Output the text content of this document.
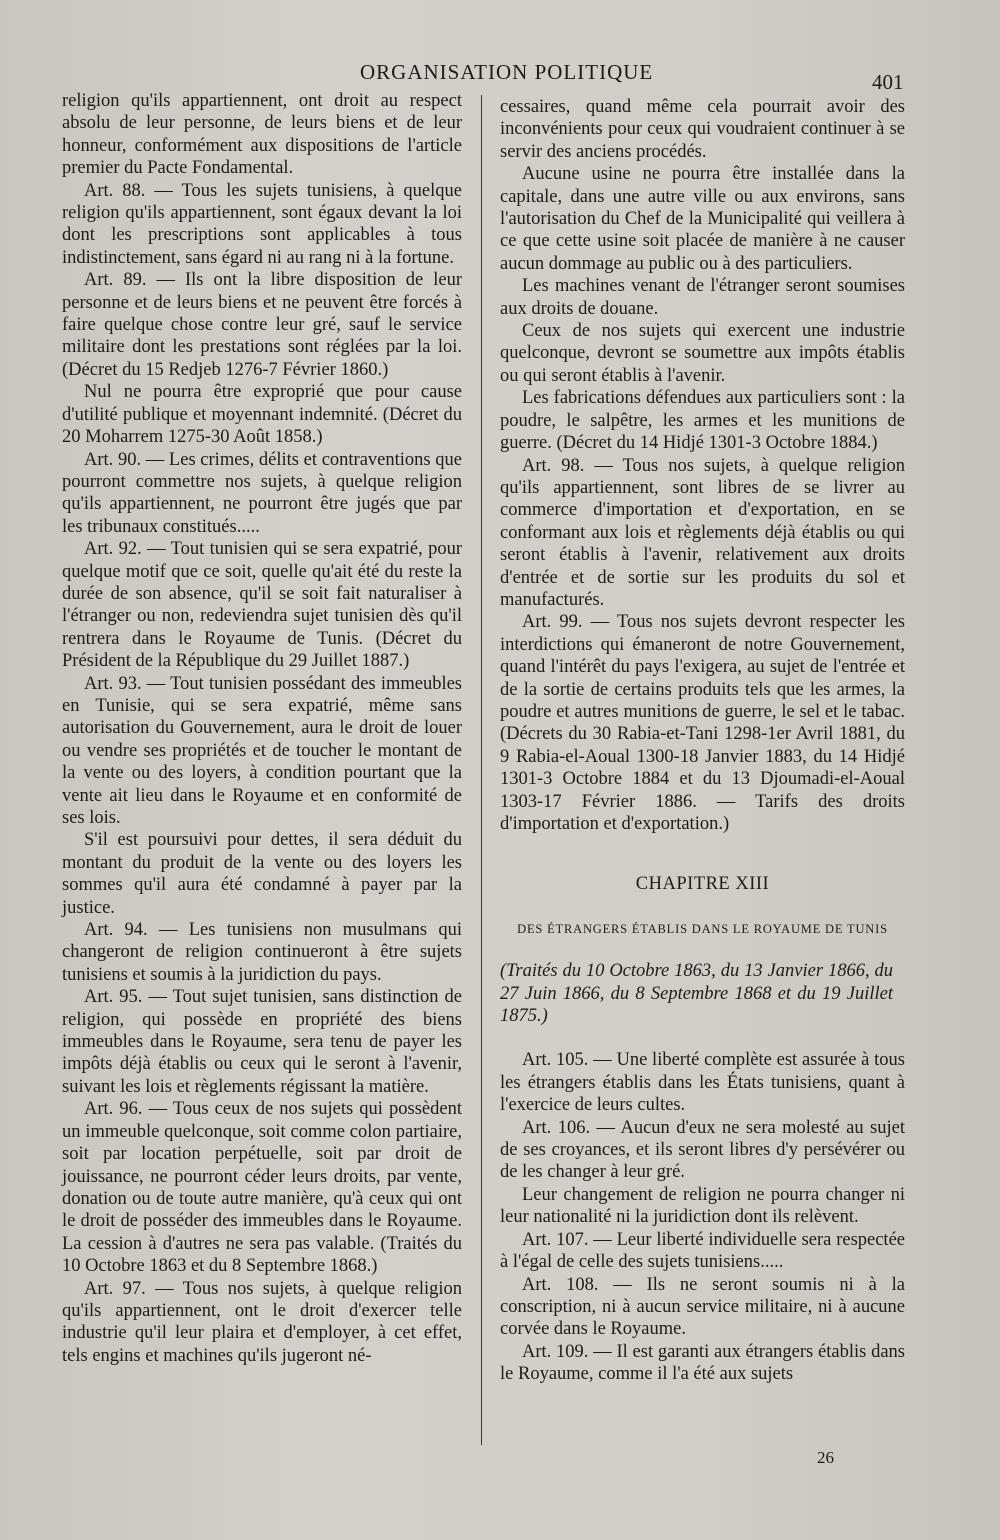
ORGANISATION POLITIQUE	401

religion qu'ils appartiennent, ont droit au respect absolu de leur personne, de leurs biens et de leur honneur, conformément aux dispositions de l'article premier du Pacte Fondamental.

Art. 88. — Tous les sujets tunisiens, à quelque religion qu'ils appartiennent, sont égaux devant la loi dont les prescriptions sont applicables à tous indistinctement, sans égard ni au rang ni à la fortune.

Art. 89. — Ils ont la libre disposition de leur personne et de leurs biens et ne peuvent être forcés à faire quelque chose contre leur gré, sauf le service militaire dont les prestations sont réglées par la loi. (Décret du 15 Redjeb 1276-7 Février 1860.)

Nul ne pourra être exproprié que pour cause d'utilité publique et moyennant indemnité. (Décret du 20 Moharrem 1275-30 Août 1858.)

Art. 90. — Les crimes, délits et contraventions que pourront commettre nos sujets, à quelque religion qu'ils appartiennent, ne pourront être jugés que par les tribunaux constitués.....

Art. 92. — Tout tunisien qui se sera expatrié, pour quelque motif que ce soit, quelle qu'ait été du reste la durée de son absence, qu'il se soit fait naturaliser à l'étranger ou non, redeviendra sujet tunisien dès qu'il rentrera dans le Royaume de Tunis. (Décret du Président de la République du 29 Juillet 1887.)

Art. 93. — Tout tunisien possédant des immeubles en Tunisie, qui se sera expatrié, même sans autorisation du Gouvernement, aura le droit de louer ou vendre ses propriétés et de toucher le montant de la vente ou des loyers, à condition pourtant que la vente ait lieu dans le Royaume et en conformité de ses lois.

S'il est poursuivi pour dettes, il sera déduit du montant du produit de la vente ou des loyers les sommes qu'il aura été condamné à payer par la justice.

Art. 94. — Les tunisiens non musulmans qui changeront de religion continueront à être sujets tunisiens et soumis à la juridiction du pays.

Art. 95. — Tout sujet tunisien, sans distinction de religion, qui possède en propriété des biens immeubles dans le Royaume, sera tenu de payer les impôts déjà établis ou ceux qui le seront à l'avenir, suivant les lois et règlements régissant la matière.

Art. 96. — Tous ceux de nos sujets qui possèdent un immeuble quelconque, soit comme colon partiaire, soit par location perpétuelle, soit par droit de jouissance, ne pourront céder leurs droits, par vente, donation ou de toute autre manière, qu'à ceux qui ont le droit de posséder des immeubles dans le Royaume. La cession à d'autres ne sera pas valable. (Traités du 10 Octobre 1863 et du 8 Septembre 1868.)

Art. 97. — Tous nos sujets, à quelque religion qu'ils appartiennent, ont le droit d'exercer telle industrie qu'il leur plaira et d'employer, à cet effet, tels engins et machines qu'ils jugeront né-

cessaires, quand même cela pourrait avoir des inconvénients pour ceux qui voudraient continuer à se servir des anciens procédés.

Aucune usine ne pourra être installée dans la capitale, dans une autre ville ou aux environs, sans l'autorisation du Chef de la Municipalité qui veillera à ce que cette usine soit placée de manière à ne causer aucun dommage au public ou à des particuliers.

Les machines venant de l'étranger seront soumises aux droits de douane.

Ceux de nos sujets qui exercent une industrie quelconque, devront se soumettre aux impôts établis ou qui seront établis à l'avenir.

Les fabrications défendues aux particuliers sont : la poudre, le salpêtre, les armes et les munitions de guerre. (Décret du 14 Hidjé 1301-3 Octobre 1884.)

Art. 98. — Tous nos sujets, à quelque religion qu'ils appartiennent, sont libres de se livrer au commerce d'importation et d'exportation, en se conformant aux lois et règlements déjà établis ou qui seront établis à l'avenir, relativement aux droits d'entrée et de sortie sur les produits du sol et manufacturés.

Art. 99. — Tous nos sujets devront respecter les interdictions qui émaneront de notre Gouvernement, quand l'intérêt du pays l'exigera, au sujet de l'entrée et de la sortie de certains produits tels que les armes, la poudre et autres munitions de guerre, le sel et le tabac. (Décrets du 30 Rabia-et-Tani 1298-1er Avril 1881, du 9 Rabia-el-Aoual 1300-18 Janvier 1883, du 14 Hidjé 1301-3 Octobre 1884 et du 13 Djoumadi-el-Aoual 1303-17 Février 1886. — Tarifs des droits d'importation et d'exportation.)

CHAPITRE XIII
DES ÉTRANGERS ÉTABLIS DANS LE ROYAUME DE TUNIS

(Traités du 10 Octobre 1863, du 13 Janvier 1866, du 27 Juin 1866, du 8 Septembre 1868 et du 19 Juillet 1875.)

Art. 105. — Une liberté complète est assurée à tous les étrangers établis dans les États tunisiens, quant à l'exercice de leurs cultes.

Art. 106. — Aucun d'eux ne sera molesté au sujet de ses croyances, et ils seront libres d'y persévérer ou de les changer à leur gré.

Leur changement de religion ne pourra changer ni leur nationalité ni la juridiction dont ils relèvent.

Art. 107. — Leur liberté individuelle sera respectée à l'égal de celle des sujets tunisiens.....

Art. 108. — Ils ne seront soumis ni à la conscription, ni à aucun service militaire, ni à aucune corvée dans le Royaume.

Art. 109. — Il est garanti aux étrangers établis dans le Royaume, comme il l'a été aux sujets

26
